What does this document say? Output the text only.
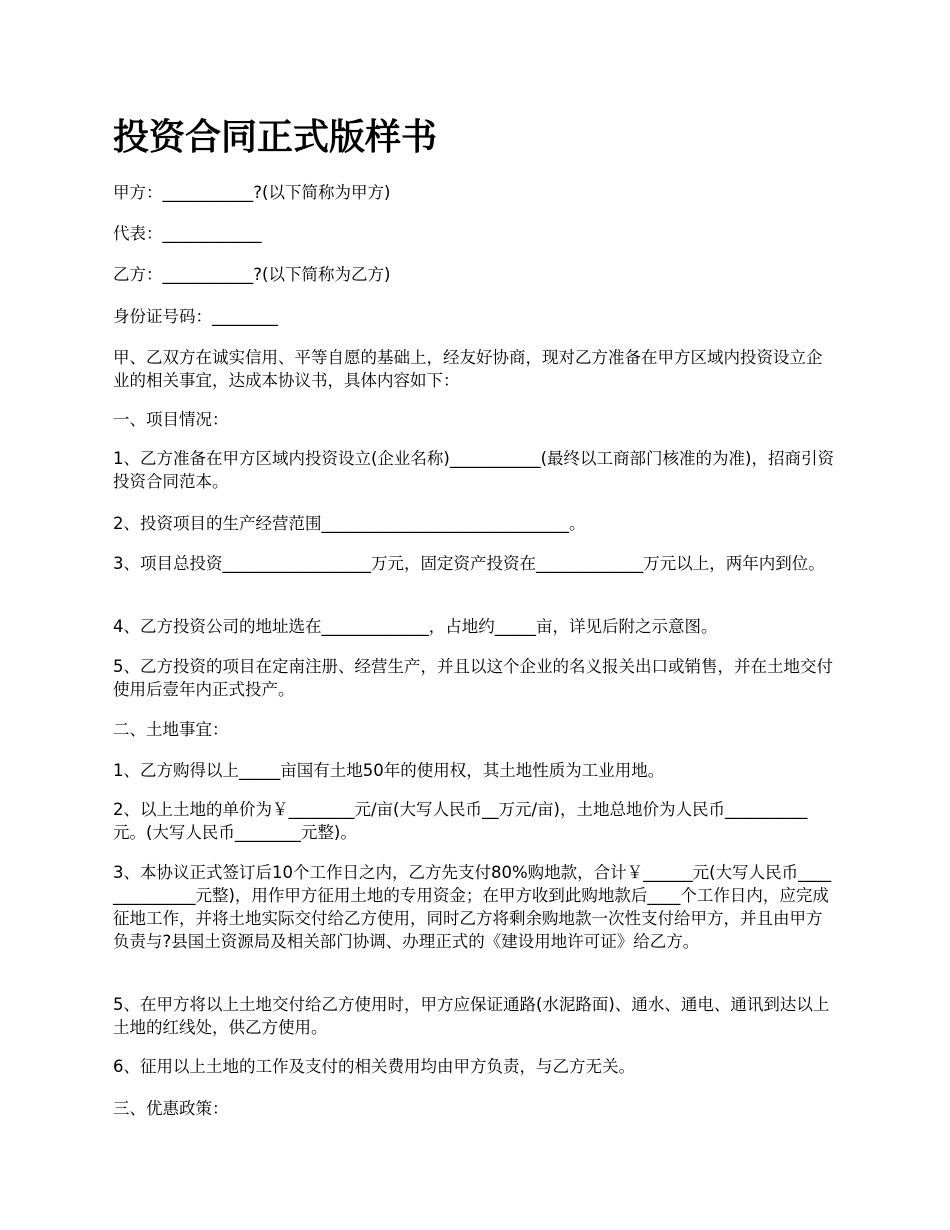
投资合同正式版样书

甲方：___________?(以下简称为甲方)

代表：____________

乙方：___________?(以下简称为乙方)

身份证号码：________

甲、乙双方在诚实信用、平等自愿的基础上，经友好协商，现对乙方准备在甲方区域内投资设立企业的相关事宜，达成本协议书，具体内容如下：

一、项目情况：

1、乙方准备在甲方区域内投资设立(企业名称)___________(最终以工商部门核准的为准)，招商引资投资合同范本。

2、投资项目的生产经营范围______________________________。

3、项目总投资__________________万元，固定资产投资在_____________万元以上，两年内到位。

4、乙方投资公司的地址选在_____________，占地约_____亩，详见后附之示意图。

5、乙方投资的项目在定南注册、经营生产，并且以这个企业的名义报关出口或销售，并在土地交付使用后壹年内正式投产。

二、土地事宜：

1、乙方购得以上_____亩国有土地50年的使用权，其土地性质为工业用地。

2、以上土地的单价为￥________元/亩(大写人民币__万元/亩)，土地总地价为人民币__________元。(大写人民币________元整)。

3、本协议正式签订后10个工作日之内，乙方先支付80%购地款，合计￥______元(大写人民币______________元整)，用作甲方征用土地的专用资金；在甲方收到此购地款后____个工作日内，应完成征地工作，并将土地实际交付给乙方使用，同时乙方将剩余购地款一次性支付给甲方，并且由甲方负责与?县国土资源局及相关部门协调、办理正式的《建设用地许可证》给乙方。

5、在甲方将以上土地交付给乙方使用时，甲方应保证通路(水泥路面)、通水、通电、通讯到达以上土地的红线处，供乙方使用。

6、征用以上土地的工作及支付的相关费用均由甲方负责，与乙方无关。

三、优惠政策：
